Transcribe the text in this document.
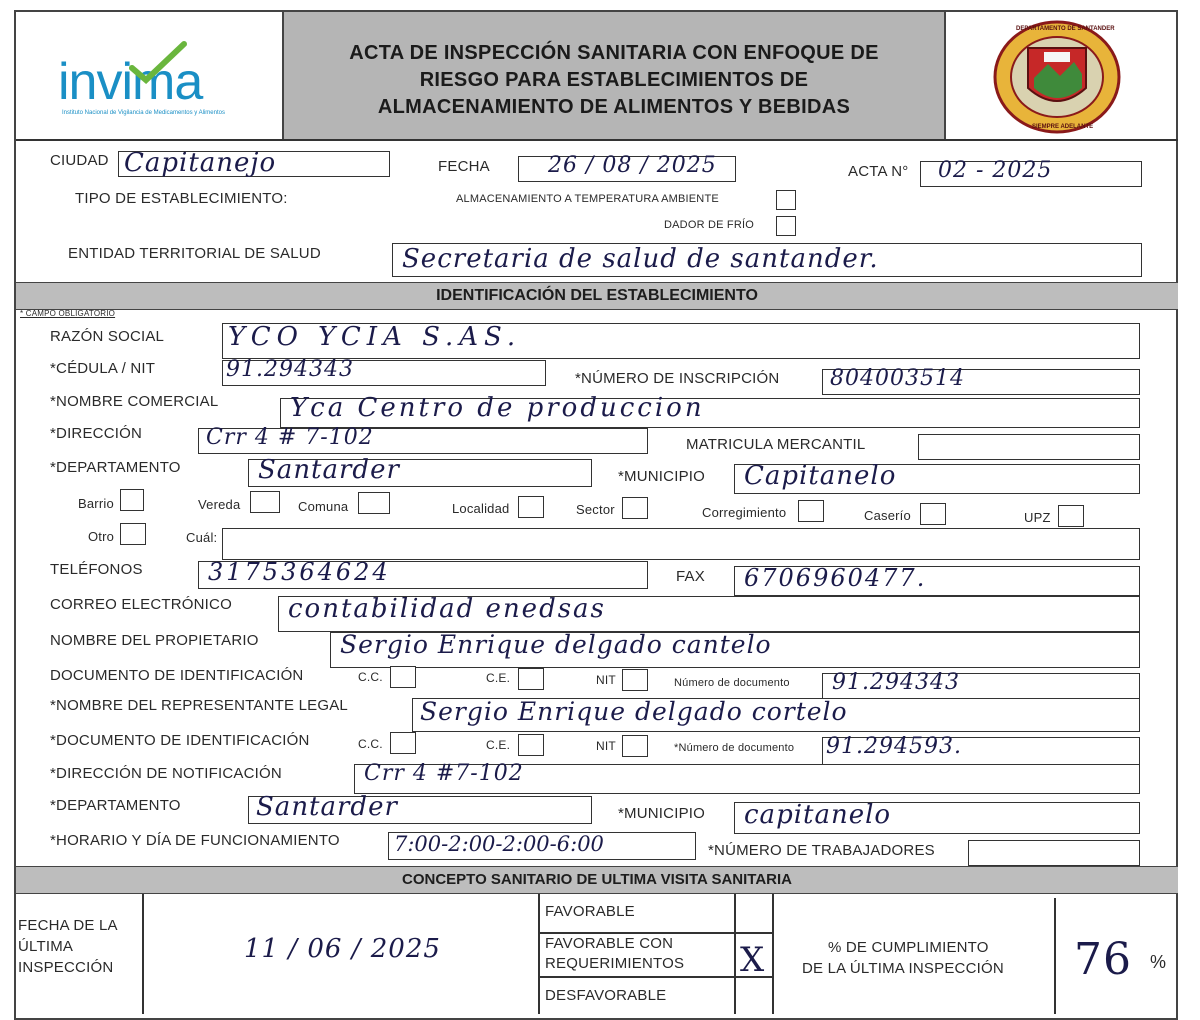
invima
Instituto Nacional de Vigilancia de Medicamentos y Alimentos
ACTA DE INSPECCIÓN SANITARIA CON ENFOQUE DE
RIESGO PARA ESTABLECIMIENTOS DE
ALMACENAMIENTO DE ALIMENTOS Y BEBIDAS
DEPARTAMENTO DE SANTANDER
SIEMPRE ADELANTE
CIUDAD Capitanejo	FECHA	26 / 08 / 2025	ACTA N° 02 - 2025
TIPO DE ESTABLECIMIENTO:	ALMACENAMIENTO A TEMPERATURA AMBIENTE
DADOR DE FRÍO
ENTIDAD TERRITORIAL DE SALUD	Secretaria de salud de santander.
IDENTIFICACIÓN DEL ESTABLECIMIENTO
* CAMPO OBLIGATORIO
RAZÓN SOCIAL YCO YCIA S.AS.
*CÉDULA / NIT	91.294343	*NÚMERO DE INSCRIPCIÓN 804003514
*NOMBRE COMERCIAL	Yca Centro de produccion
*DIRECCIÓN	Crr 4 # 7-102	MATRICULA MERCANTIL
*DEPARTAMENTO	Santarder	*MUNICIPIO Capitanelo
Barrio	Vereda	Comuna	Localidad	Sector	Corregimiento	Caserío	UPZ
Otro	Cuál:
TELÉFONOS	3175364624	FAX 6706960477.
CORREO ELECTRÓNICO contabilidad enedsas
NOMBRE DEL PROPIETARIO	Sergio Enrique delgado cantelo
DOCUMENTO DE IDENTIFICACIÓN	C.C.	C.E.	NIT	Número de documento 91.294343
*NOMBRE DEL REPRESENTANTE LEGAL	Sergio Enrique delgado cortelo
*DOCUMENTO DE IDENTIFICACIÓN	C.C.	C.E.	NIT	*Número de documento 91.294593.
*DIRECCIÓN DE NOTIFICACIÓN	Crr 4 #7-102
*DEPARTAMENTO	Santarder	*MUNICIPIO capitanelo
*HORARIO Y DÍA DE FUNCIONAMIENTO	7:00-2:00-2:00-6:00	*NÚMERO DE TRABAJADORES
CONCEPTO SANITARIO DE ULTIMA VISITA SANITARIA
FECHA DE LA
ÚLTIMA
INSPECCIÓN
11 / 06 / 2025
FAVORABLE
FAVORABLE CON
REQUERIMIENTOS X
DESFAVORABLE
% DE CUMPLIMIENTO
DE LA ÚLTIMA INSPECCIÓN 76 %
